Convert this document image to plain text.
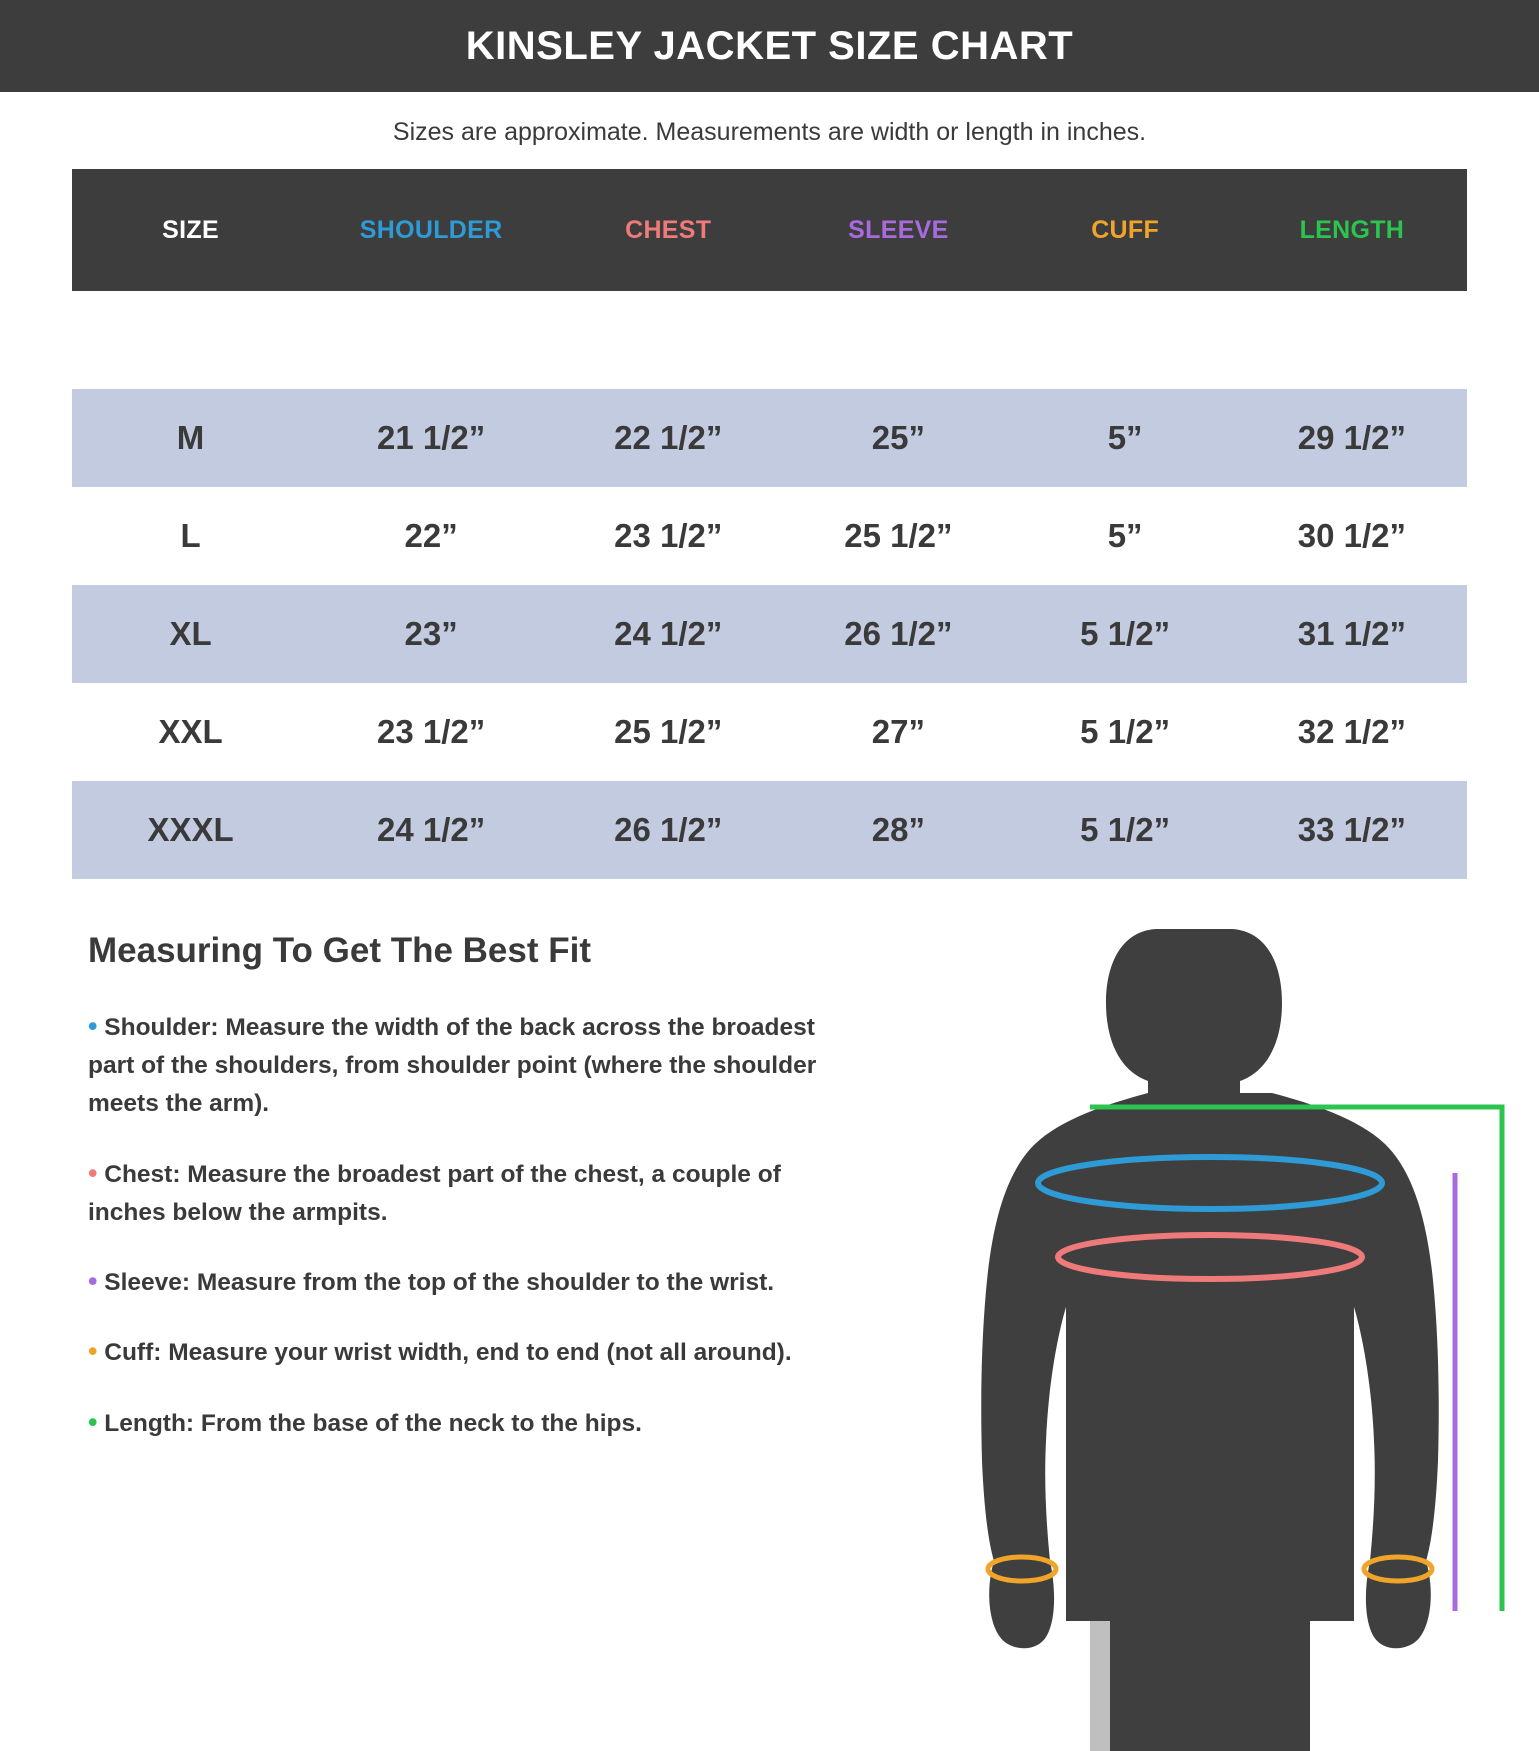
KINSLEY JACKET SIZE CHART
Sizes are approximate. Measurements are width or length in inches.
SIZE	SHOULDER	CHEST	SLEEVE	CUFF	LENGTH

M	21 1/2”	22 1/2”	25”	5”	29 1/2”
L	22”	23 1/2”	25 1/2”	5”	30 1/2”
XL	23”	24 1/2”	26 1/2”	5 1/2”	31 1/2”
XXL	23 1/2”	25 1/2”	27”	5 1/2”	32 1/2”
XXXL	24 1/2”	26 1/2”	28”	5 1/2”	33 1/2”
Measuring To Get The Best Fit
• Shoulder: Measure the width of the back across the broadest part of the shoulders, from shoulder point (where the shoulder meets the arm).
• Chest: Measure the broadest part of the chest, a couple of inches below the armpits.
• Sleeve: Measure from the top of the shoulder to the wrist.
• Cuff: Measure your wrist width, end to end (not all around).
• Length: From the base of the neck to the hips.
